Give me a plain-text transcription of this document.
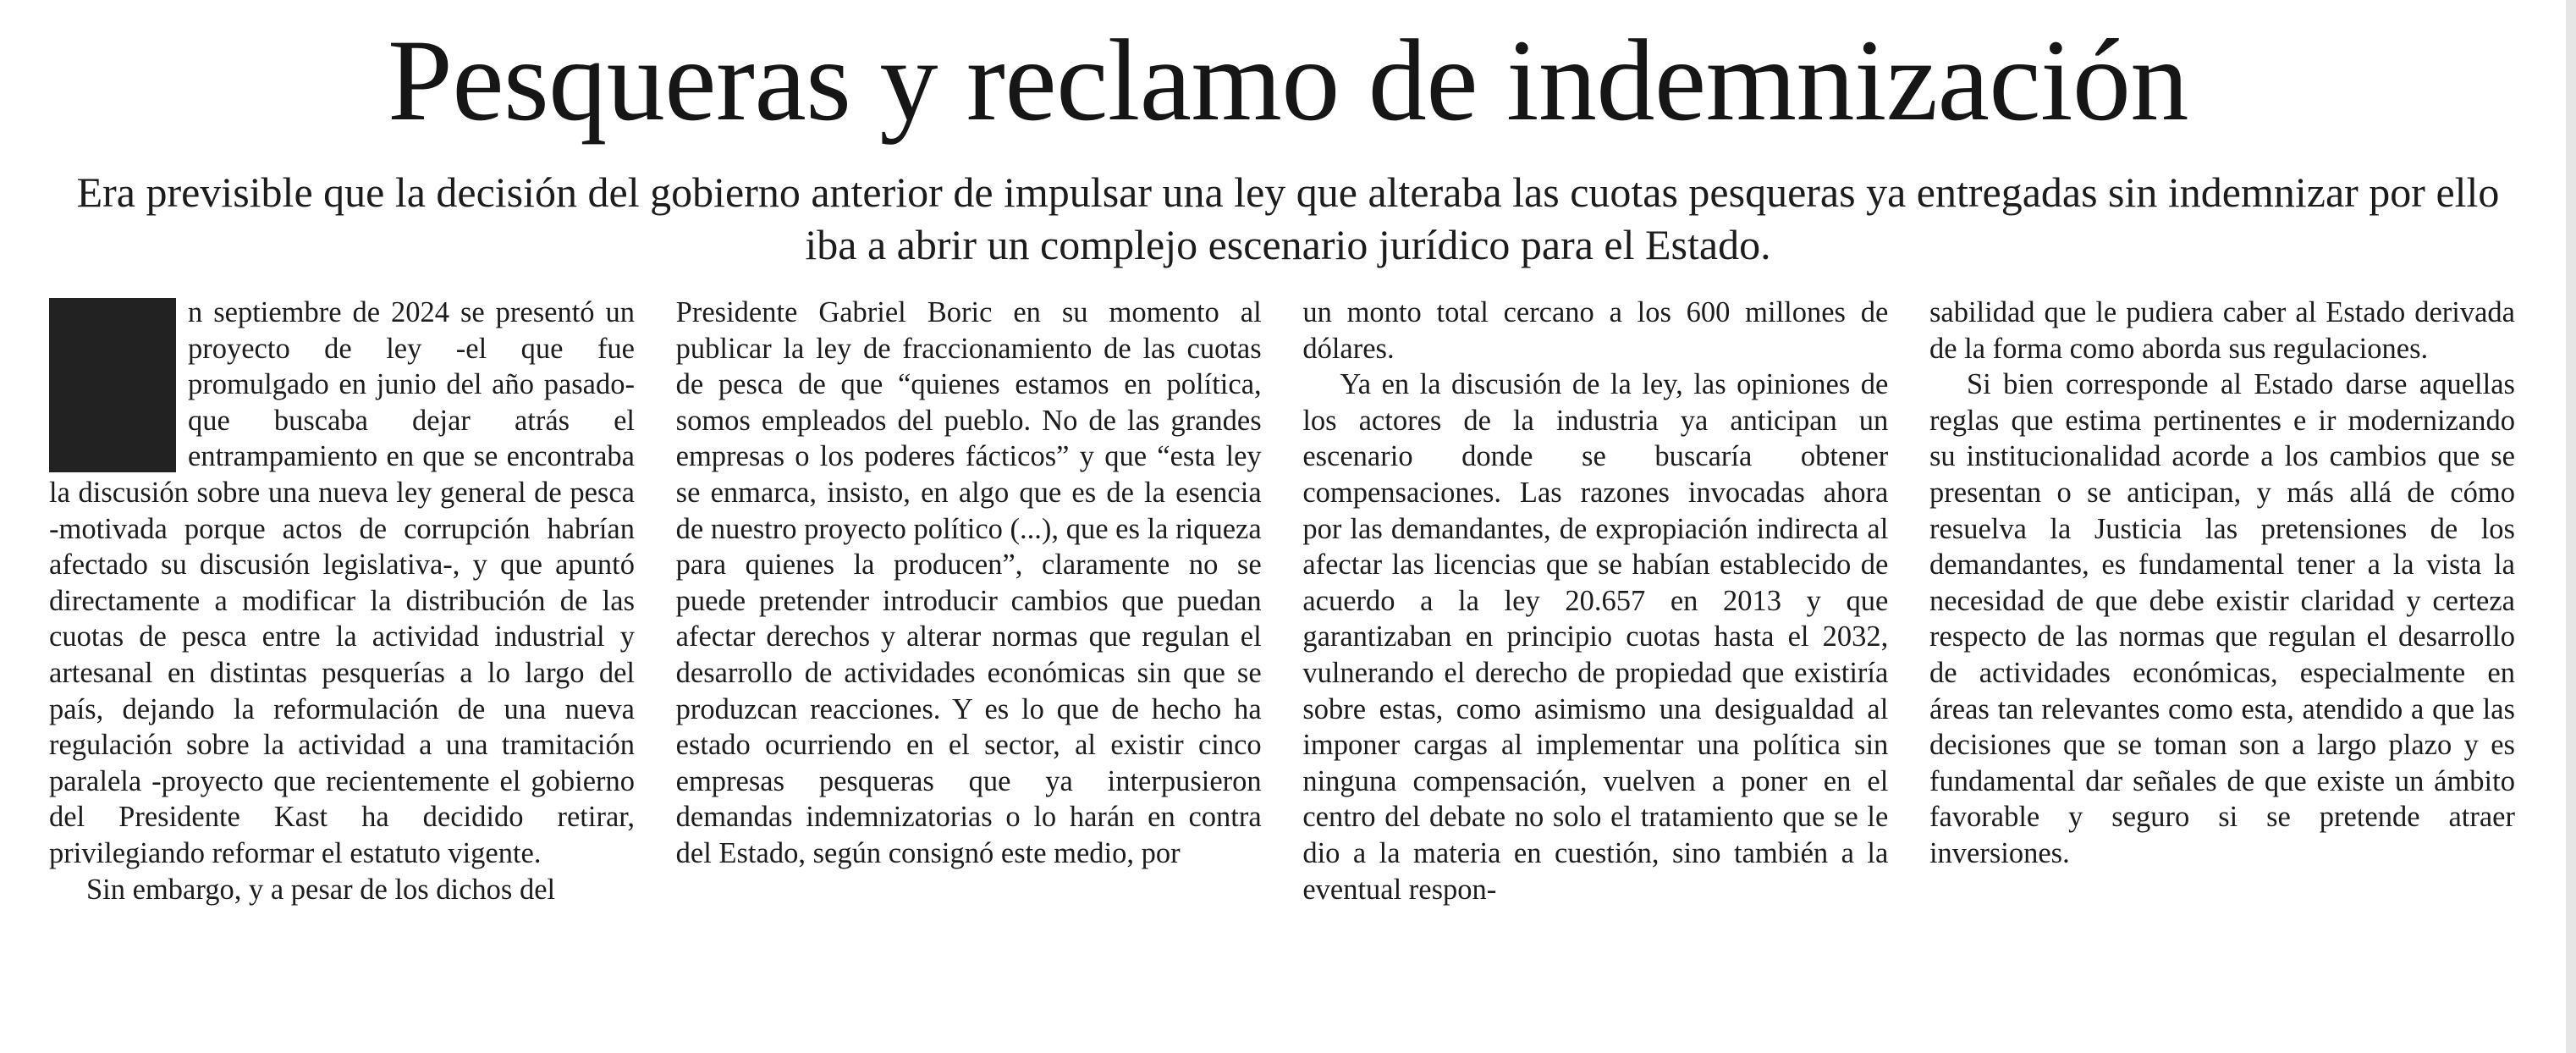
Pesqueras y reclamo de indemnización

Era previsible que la decisión del gobierno anterior de impulsar una ley que alteraba las cuotas pesqueras ya entregadas sin indemnizar por ello iba a abrir un complejo escenario jurídico para el Estado.

n septiembre de 2024 se presentó un proyecto de ley -el que fue promulgado en junio del año pasado- que buscaba dejar atrás el entrampamiento en que se encontraba la discusión sobre una nueva ley general de pesca -motivada porque actos de corrupción habrían afectado su discusión legislativa-, y que apuntó directamente a modificar la distribución de las cuotas de pesca entre la actividad industrial y artesanal en distintas pesquerías a lo largo del país, dejando la reformulación de una nueva regulación sobre la actividad a una tramitación paralela -proyecto que recientemente el gobierno del Presidente Kast ha decidido retirar, privilegiando reformar el estatuto vigente.

Sin embargo, y a pesar de los dichos del

Presidente Gabriel Boric en su momento al publicar la ley de fraccionamiento de las cuotas de pesca de que “quienes estamos en política, somos empleados del pueblo. No de las grandes empresas o los poderes fácticos” y que “esta ley se enmarca, insisto, en algo que es de la esencia de nuestro proyecto político (...), que es la riqueza para quienes la producen”, claramente no se puede pretender introducir cambios que puedan afectar derechos y alterar normas que regulan el desarrollo de actividades económicas sin que se produzcan reacciones. Y es lo que de hecho ha estado ocurriendo en el sector, al existir cinco empresas pesqueras que ya interpusieron demandas indemnizatorias o lo harán en contra del Estado, según consignó este medio, por

un monto total cercano a los 600 millones de dólares.

Ya en la discusión de la ley, las opiniones de los actores de la industria ya anticipan un escenario donde se buscaría obtener compensaciones. Las razones invocadas ahora por las demandantes, de expropiación indirecta al afectar las licencias que se habían establecido de acuerdo a la ley 20.657 en 2013 y que garantizaban en principio cuotas hasta el 2032, vulnerando el derecho de propiedad que existiría sobre estas, como asimismo una desigualdad al imponer cargas al implementar una política sin ninguna compensación, vuelven a poner en el centro del debate no solo el tratamiento que se le dio a la materia en cuestión, sino también a la eventual respon-

sabilidad que le pudiera caber al Estado derivada de la forma como aborda sus regulaciones.

Si bien corresponde al Estado darse aquellas reglas que estima pertinentes e ir modernizando su institucionalidad acorde a los cambios que se presentan o se anticipan, y más allá de cómo resuelva la Justicia las pretensiones de los demandantes, es fundamental tener a la vista la necesidad de que debe existir claridad y certeza respecto de las normas que regulan el desarrollo de actividades económicas, especialmente en áreas tan relevantes como esta, atendido a que las decisiones que se toman son a largo plazo y es fundamental dar señales de que existe un ámbito favorable y seguro si se pretende atraer inversiones.
